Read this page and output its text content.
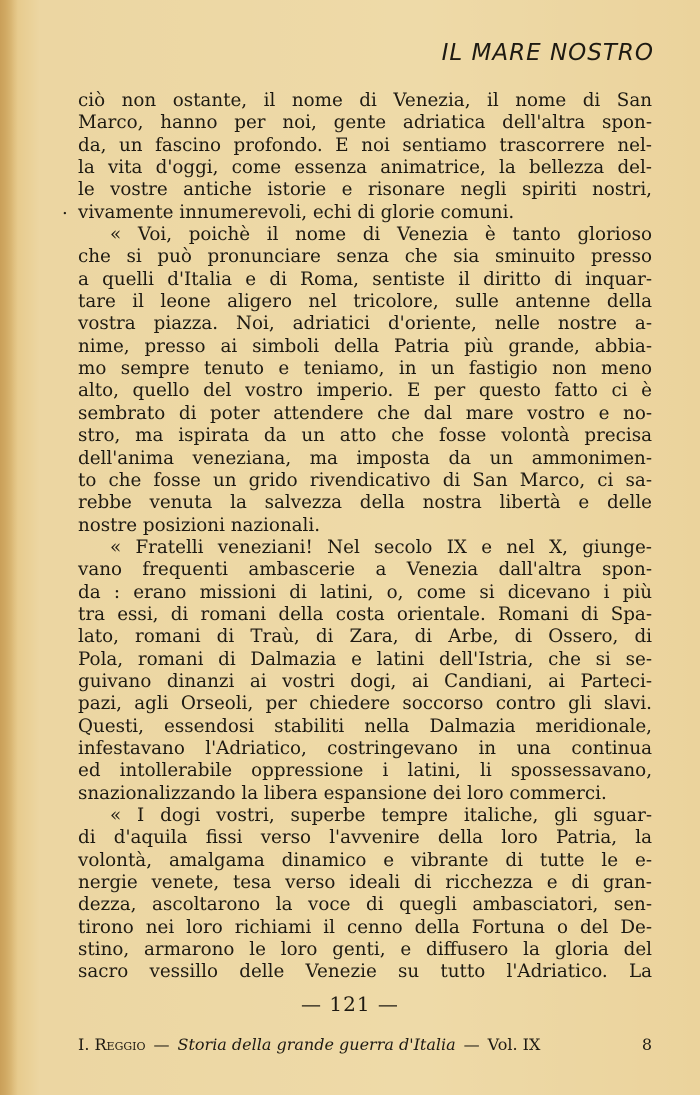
IL MARE NOSTRO
.
ciò non ostante, il nome di Venezia, il nome di San
Marco, hanno per noi, gente adriatica dell'altra spon-
da, un fascino profondo. E noi sentiamo trascorrere nel-
la vita d'oggi, come essenza animatrice, la bellezza del-
le vostre antiche istorie e risonare negli spiriti nostri,
vivamente innumerevoli, echi di glorie comuni.
« Voi, poichè il nome di Venezia è tanto glorioso
che si può pronunciare senza che sia sminuito presso
a quelli d'Italia e di Roma, sentiste il diritto di inquar-
tare il leone aligero nel tricolore, sulle antenne della
vostra piazza. Noi, adriatici d'oriente, nelle nostre a-
nime, presso ai simboli della Patria più grande, abbia-
mo sempre tenuto e teniamo, in un fastigio non meno
alto, quello del vostro imperio. E per questo fatto ci è
sembrato di poter attendere che dal mare vostro e no-
stro, ma ispirata da un atto che fosse volontà precisa
dell'anima veneziana, ma imposta da un ammonimen-
to che fosse un grido rivendicativo di San Marco, ci sa-
rebbe venuta la salvezza della nostra libertà e delle
nostre posizioni nazionali.
« Fratelli veneziani! Nel secolo IX e nel X, giunge-
vano frequenti ambascerie a Venezia dall'altra spon-
da : erano missioni di latini, o, come si dicevano i più
tra essi, di romani della costa orientale. Romani di Spa-
lato, romani di Traù, di Zara, di Arbe, di Ossero, di
Pola, romani di Dalmazia e latini dell'Istria, che si se-
guivano dinanzi ai vostri dogi, ai Candiani, ai Parteci-
pazi, agli Orseoli, per chiedere soccorso contro gli slavi.
Questi, essendosi stabiliti nella Dalmazia meridionale,
infestavano l'Adriatico, costringevano in una continua
ed intollerabile oppressione i latini, li spossessavano,
snazionalizzando la libera espansione dei loro commerci.
« I dogi vostri, superbe tempre italiche, gli sguar-
di d'aquila fissi verso l'avvenire della loro Patria, la
volontà, amalgama dinamico e vibrante di tutte le e-
nergie venete, tesa verso ideali di ricchezza e di gran-
dezza, ascoltarono la voce di quegli ambasciatori, sen-
tirono nei loro richiami il cenno della Fortuna o del De-
stino, armarono le loro genti, e diffusero la gloria del
sacro vessillo delle Venezie su tutto l'Adriatico. La
— 121 —
I. Reggio — Storia della grande guerra d'Italia — Vol. IX	8
